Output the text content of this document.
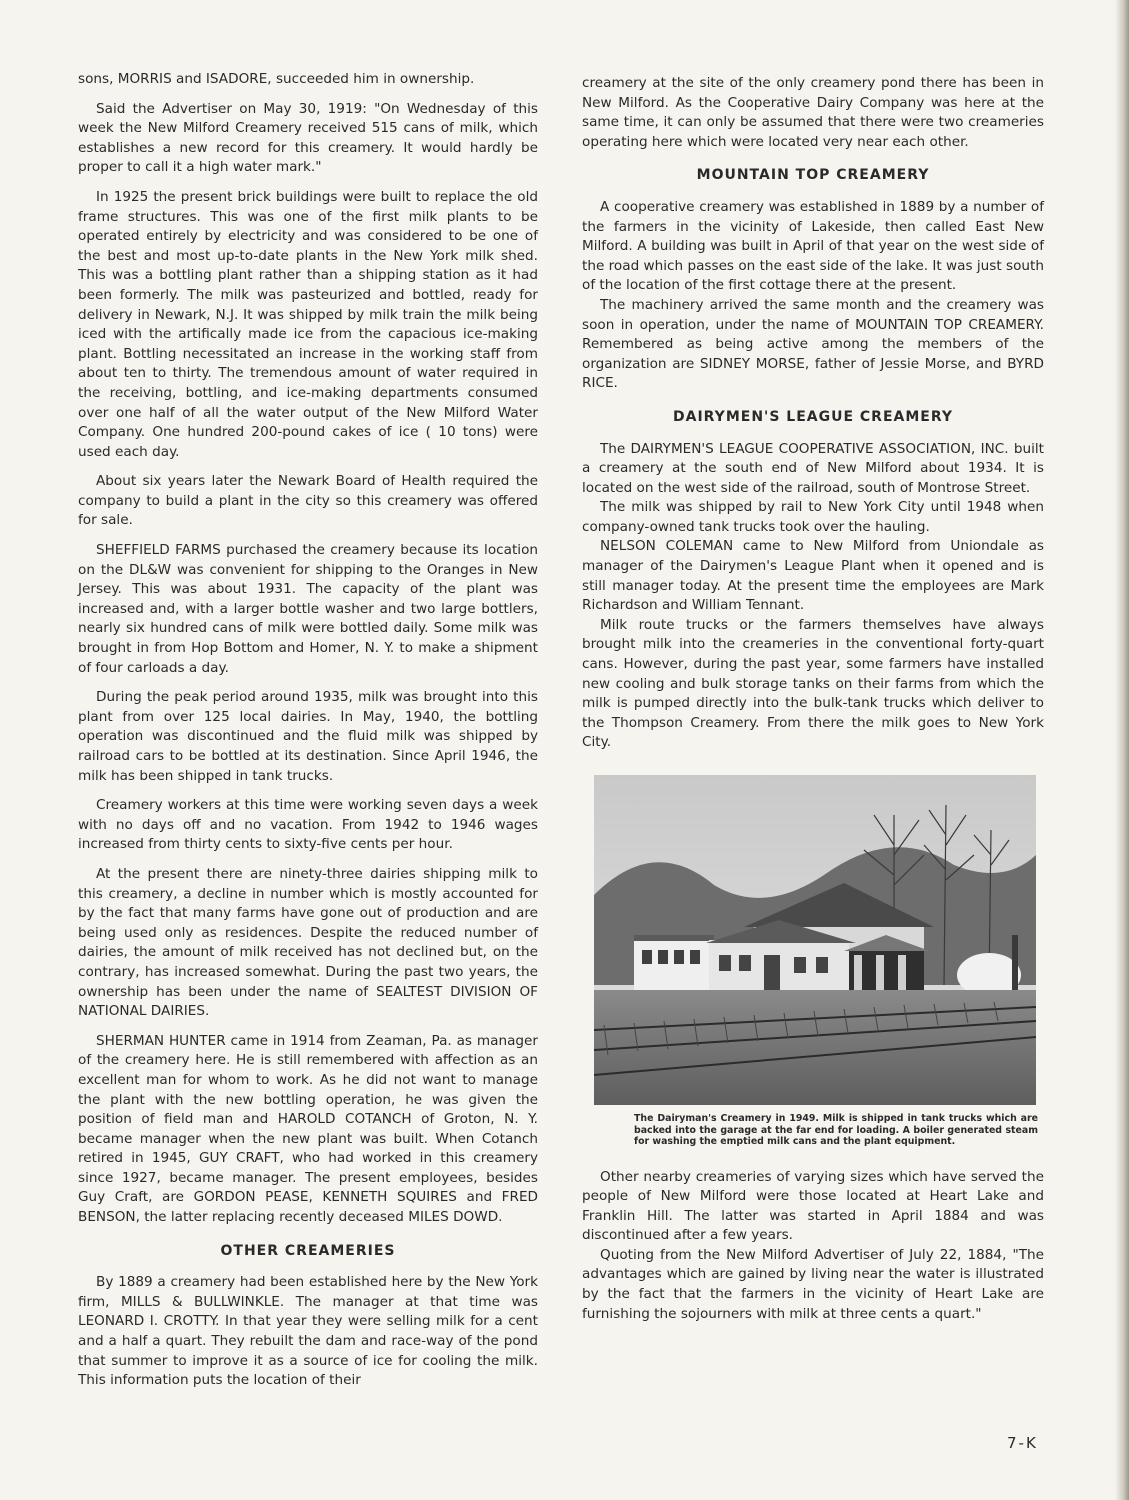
sons, MORRIS and ISADORE, succeeded him in ownership.

Said the Advertiser on May 30, 1919: "On Wednesday of this week the New Milford Creamery received 515 cans of milk, which establishes a new record for this creamery. It would hardly be proper to call it a high water mark."

In 1925 the present brick buildings were built to replace the old frame structures. This was one of the first milk plants to be operated entirely by electricity and was considered to be one of the best and most up-to-date plants in the New York milk shed. This was a bottling plant rather than a shipping station as it had been formerly. The milk was pasteurized and bottled, ready for delivery in Newark, N.J. It was shipped by milk train the milk being iced with the artifically made ice from the capacious ice-making plant. Bottling necessitated an increase in the working staff from about ten to thirty. The tremendous amount of water required in the receiving, bottling, and ice-making departments consumed over one half of all the water output of the New Milford Water Company. One hundred 200-pound cakes of ice ( 10 tons) were used each day.

About six years later the Newark Board of Health required the company to build a plant in the city so this creamery was offered for sale.

SHEFFIELD FARMS purchased the creamery because its location on the DL&W was convenient for shipping to the Oranges in New Jersey. This was about 1931. The capacity of the plant was increased and, with a larger bottle washer and two large bottlers, nearly six hundred cans of milk were bottled daily. Some milk was brought in from Hop Bottom and Homer, N. Y. to make a shipment of four carloads a day.

During the peak period around 1935, milk was brought into this plant from over 125 local dairies. In May, 1940, the bottling operation was discontinued and the fluid milk was shipped by railroad cars to be bottled at its destination. Since April 1946, the milk has been shipped in tank trucks.

Creamery workers at this time were working seven days a week with no days off and no vacation. From 1942 to 1946 wages increased from thirty cents to sixty-five cents per hour.

At the present there are ninety-three dairies shipping milk to this creamery, a decline in number which is mostly accounted for by the fact that many farms have gone out of production and are being used only as residences. Despite the reduced number of dairies, the amount of milk received has not declined but, on the contrary, has increased somewhat. During the past two years, the ownership has been under the name of SEALTEST DIVISION OF NATIONAL DAIRIES.

SHERMAN HUNTER came in 1914 from Zeaman, Pa. as manager of the creamery here. He is still remembered with affection as an excellent man for whom to work. As he did not want to manage the plant with the new bottling operation, he was given the position of field man and HAROLD COTANCH of Groton, N. Y. became manager when the new plant was built. When Cotanch retired in 1945, GUY CRAFT, who had worked in this creamery since 1927, became manager. The present employees, besides Guy Craft, are GORDON PEASE, KENNETH SQUIRES and FRED BENSON, the latter replacing recently deceased MILES DOWD.

OTHER CREAMERIES

By 1889 a creamery had been established here by the New York firm, MILLS & BULLWINKLE. The manager at that time was LEONARD I. CROTTY. In that year they were selling milk for a cent and a half a quart. They rebuilt the dam and race-way of the pond that summer to improve it as a source of ice for cooling the milk. This information puts the location of their

creamery at the site of the only creamery pond there has been in New Milford. As the Cooperative Dairy Company was here at the same time, it can only be assumed that there were two creameries operating here which were located very near each other.

MOUNTAIN TOP CREAMERY

A cooperative creamery was established in 1889 by a number of the farmers in the vicinity of Lakeside, then called East New Milford. A building was built in April of that year on the west side of the road which passes on the east side of the lake. It was just south of the location of the first cottage there at the present.

The machinery arrived the same month and the creamery was soon in operation, under the name of MOUNTAIN TOP CREAMERY. Remembered as being active among the members of the organization are SIDNEY MORSE, father of Jessie Morse, and BYRD RICE.

DAIRYMEN'S LEAGUE CREAMERY

The DAIRYMEN'S LEAGUE COOPERATIVE ASSOCIATION, INC. built a creamery at the south end of New Milford about 1934. It is located on the west side of the railroad, south of Montrose Street.

The milk was shipped by rail to New York City until 1948 when company-owned tank trucks took over the hauling.

NELSON COLEMAN came to New Milford from Uniondale as manager of the Dairymen's League Plant when it opened and is still manager today. At the present time the employees are Mark Richardson and William Tennant.

Milk route trucks or the farmers themselves have always brought milk into the creameries in the conventional forty-quart cans. However, during the past year, some farmers have installed new cooling and bulk storage tanks on their farms from which the milk is pumped directly into the bulk-tank trucks which deliver to the Thompson Creamery. From there the milk goes to New York City.

The Dairyman's Creamery in 1949. Milk is shipped in tank trucks which are backed into the garage at the far end for loading. A boiler generated steam for washing the emptied milk cans and the plant equipment.

Other nearby creameries of varying sizes which have served the people of New Milford were those located at Heart Lake and Franklin Hill. The latter was started in April 1884 and was discontinued after a few years.

Quoting from the New Milford Advertiser of July 22, 1884, "The advantages which are gained by living near the water is illustrated by the fact that the farmers in the vicinity of Heart Lake are furnishing the sojourners with milk at three cents a quart."

7-K
